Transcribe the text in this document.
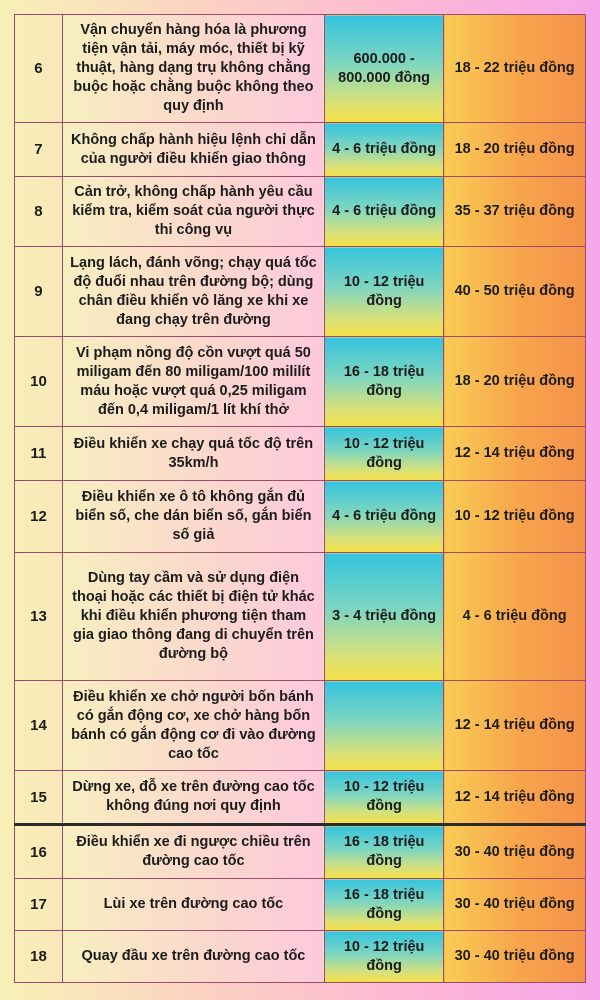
6	Vận chuyển hàng hóa là phương tiện vận tải, máy móc, thiết bị kỹ thuật, hàng dạng trụ không chằng buộc hoặc chằng buộc không theo quy định	600.000 - 800.000 đồng	18 - 22 triệu đồng
7	Không chấp hành hiệu lệnh chỉ dẫn của người điều khiển giao thông	4 - 6 triệu đồng	18 - 20 triệu đồng
8	Cản trở, không chấp hành yêu cầu kiểm tra, kiểm soát của người thực thi công vụ	4 - 6 triệu đồng	35 - 37 triệu đồng
9	Lạng lách, đánh võng; chạy quá tốc độ đuổi nhau trên đường bộ; dùng chân điều khiển vô lăng xe khi xe đang chạy trên đường	10 - 12 triệu đồng	40 - 50 triệu đồng
10	Vi phạm nồng độ cồn vượt quá 50 miligam đến 80 miligam/100 mililít máu hoặc vượt quá 0,25 miligam đến 0,4 miligam/1 lít khí thở	16 - 18 triệu đồng	18 - 20 triệu đồng
11	Điều khiển xe chạy quá tốc độ trên 35km/h	10 - 12 triệu đồng	12 - 14 triệu đồng
12	Điều khiển xe ô tô không gắn đủ biển số, che dán biển số, gắn biển số giả	4 - 6 triệu đồng	10 - 12 triệu đồng
13	Dùng tay cầm và sử dụng điện thoại hoặc các thiết bị điện tử khác khi điều khiển phương tiện tham gia giao thông đang di chuyển trên đường bộ	3 - 4 triệu đồng	4 - 6 triệu đồng
14	Điều khiển xe chở người bốn bánh có gắn động cơ, xe chở hàng bốn bánh có gắn động cơ đi vào đường cao tốc		12 - 14 triệu đồng
15	Dừng xe, đỗ xe trên đường cao tốc không đúng nơi quy định	10 - 12 triệu đồng	12 - 14 triệu đồng
16	Điều khiển xe đi ngược chiều trên đường cao tốc	16 - 18 triệu đồng	30 - 40 triệu đồng
17	Lùi xe trên đường cao tốc	16 - 18 triệu đồng	30 - 40 triệu đồng
18	Quay đầu xe trên đường cao tốc	10 - 12 triệu đồng	30 - 40 triệu đồng
